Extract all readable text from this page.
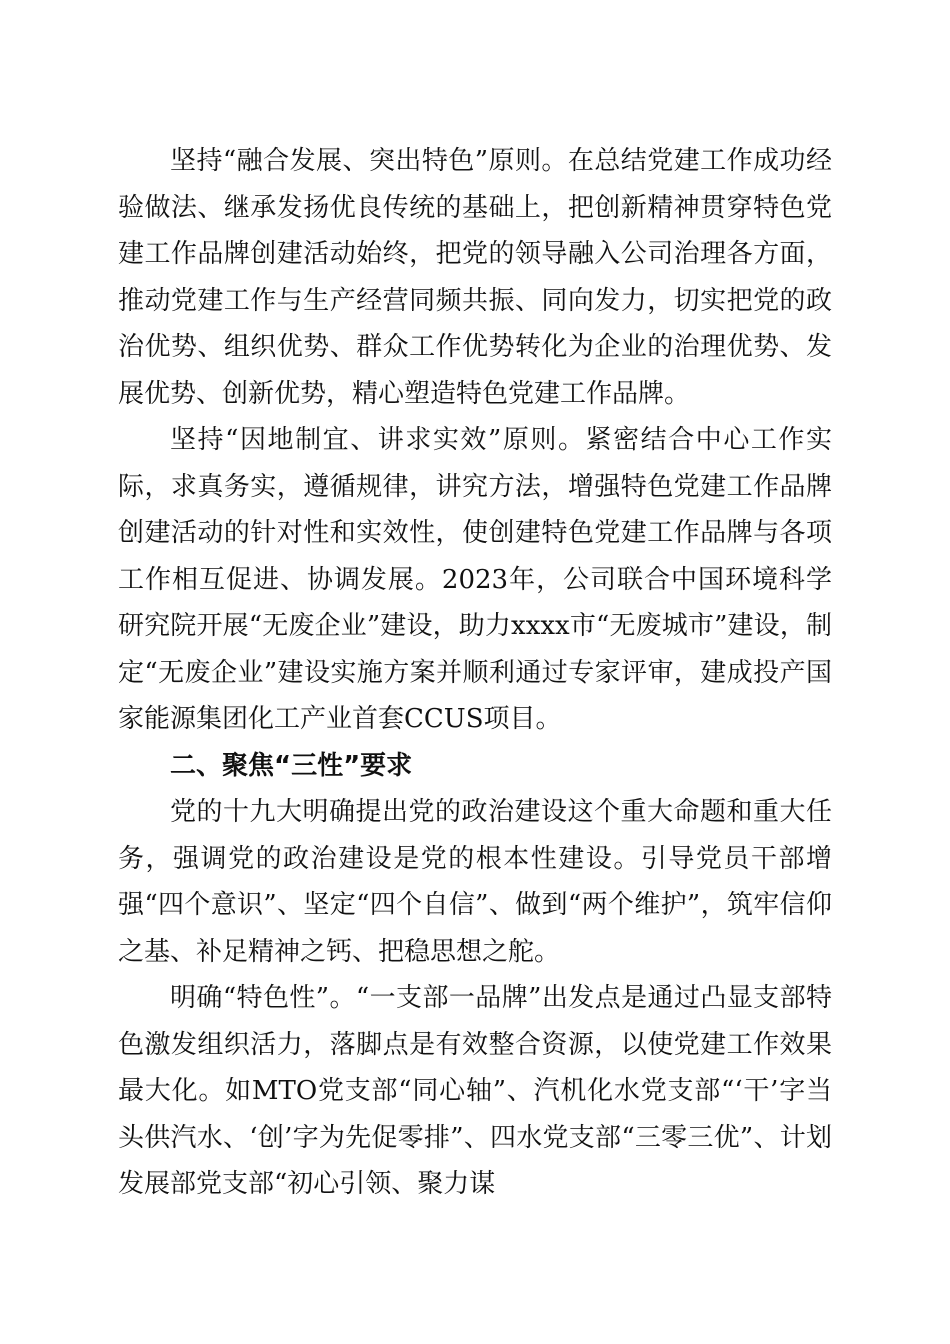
坚持“融合发展、突出特色”原则。在总结党建工作成功经验做法、继承发扬优良传统的基础上，把创新精神贯穿特色党建工作品牌创建活动始终，把党的领导融入公司治理各方面，推动党建工作与生产经营同频共振、同向发力，切实把党的政治优势、组织优势、群众工作优势转化为企业的治理优势、发展优势、创新优势，精心塑造特色党建工作品牌。

坚持“因地制宜、讲求实效”原则。紧密结合中心工作实际，求真务实，遵循规律，讲究方法，增强特色党建工作品牌创建活动的针对性和实效性，使创建特色党建工作品牌与各项工作相互促进、协调发展。2023年，公司联合中国环境科学研究院开展“无废企业”建设，助力xxxx市“无废城市”建设，制定“无废企业”建设实施方案并顺利通过专家评审，建成投产国家能源集团化工产业首套CCUS项目。

二、聚焦“三性”要求

党的十九大明确提出党的政治建设这个重大命题和重大任务，强调党的政治建设是党的根本性建设。引导党员干部增强“四个意识”、坚定“四个自信”、做到“两个维护”，筑牢信仰之基、补足精神之钙、把稳思想之舵。

明确“特色性”。“一支部一品牌”出发点是通过凸显支部特色激发组织活力，落脚点是有效整合资源，以使党建工作效果最大化。如MTO党支部“同心轴”、汽机化水党支部“‘干’字当头供汽水、‘创’字为先促零排”、四水党支部“三零三优”、计划发展部党支部“初心引领、聚力谋
